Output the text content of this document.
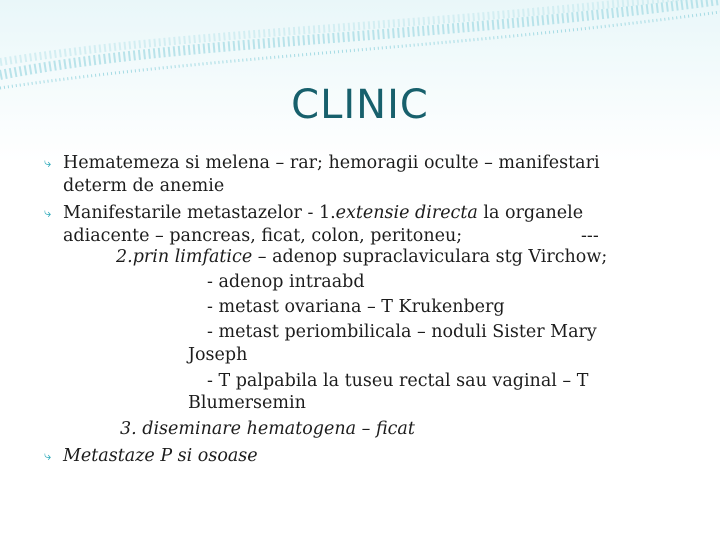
CLINIC
⤷ Hematemeza si melena – rar; hemoragii oculte – manifestari
determ de anemie
⤷ Manifestarile metastazelor - 1.extensie directa la organele
adiacente – pancreas, ficat, colon, peritoneu;	---
2.prin limfatice – adenop supraclaviculara stg Virchow;
- adenop intraabd
- metast ovariana – T Krukenberg
- metast periombilicala – noduli Sister Mary
Joseph
- T palpabila la tuseu rectal sau vaginal – T
Blumersemin
3. diseminare hematogena – ficat
⤷ Metastaze P si osoase
